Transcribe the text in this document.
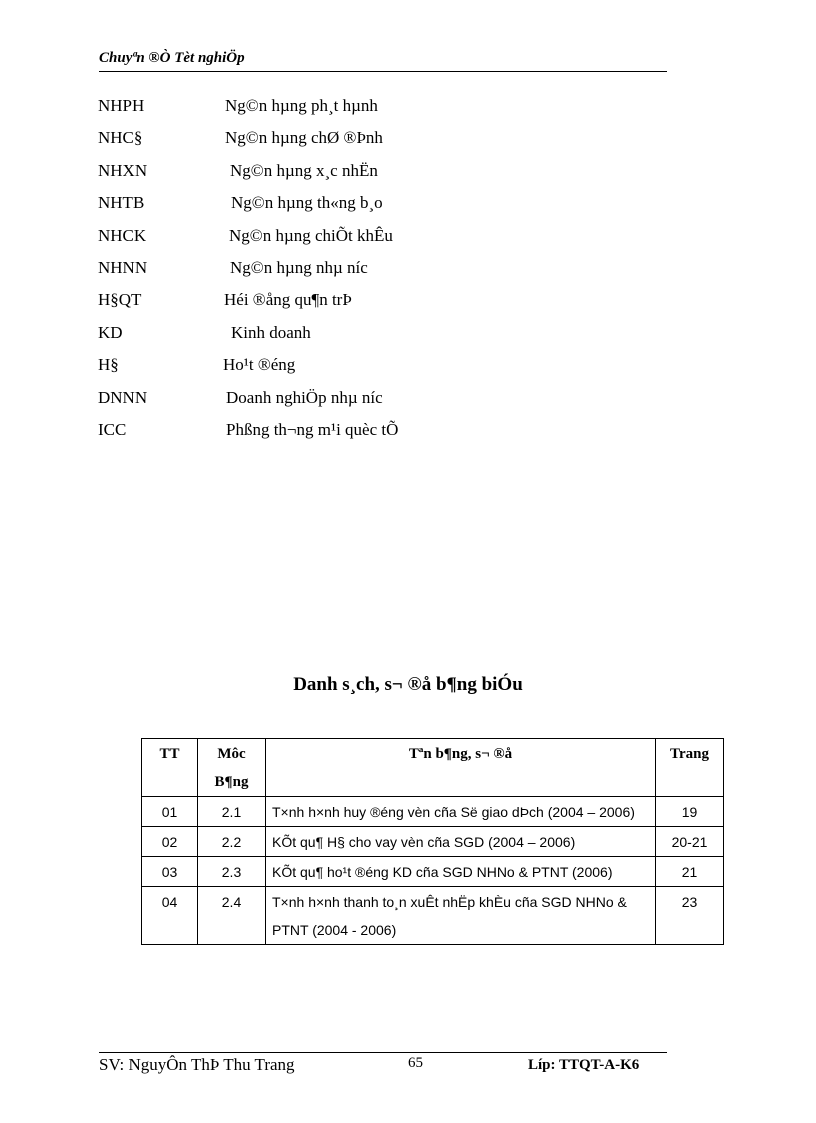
Chuyªn ®Ò Tèt nghiÖp
NHPH	Ng©n hµng ph¸t hµnh
NHC§	Ng©n hµng chØ ®Þnh
NHXN	Ng©n hµng x¸c nhËn
NHTB	Ng©n hµng th«ng b¸o
NHCK	Ng©n hµng chiÕt khÊu
NHNN	Ng©n hµng nhµ níc
H§QT	Héi ®ång qu¶n trÞ
KD	Kinh doanh
H§	Ho¹t ®éng
DNNN	Doanh nghiÖp nhµ níc
ICC	Phßng th¬ng m¹i quèc tÕ
Danh s¸ch, s¬ ®å b¶ng biÓu
TT	Môc B¶ng	Tªn b¶ng, s¬ ®å	Trang
01	2.1	T×nh h×nh huy ®éng vèn cña Së giao dÞch (2004 – 2006)	19
02	2.2	KÕt qu¶ H§ cho vay vèn cña SGD (2004 – 2006)	20-21
03	2.3	KÕt qu¶ ho¹t ®éng KD cña SGD NHNo & PTNT (2006)	21
04	2.4	T×nh h×nh thanh to¸n xuÊt nhËp khÈu cña SGD NHNo & PTNT (2004 - 2006)	23
SV: NguyÔn ThÞ Thu Trang	65	Líp: TTQT-A-K6
